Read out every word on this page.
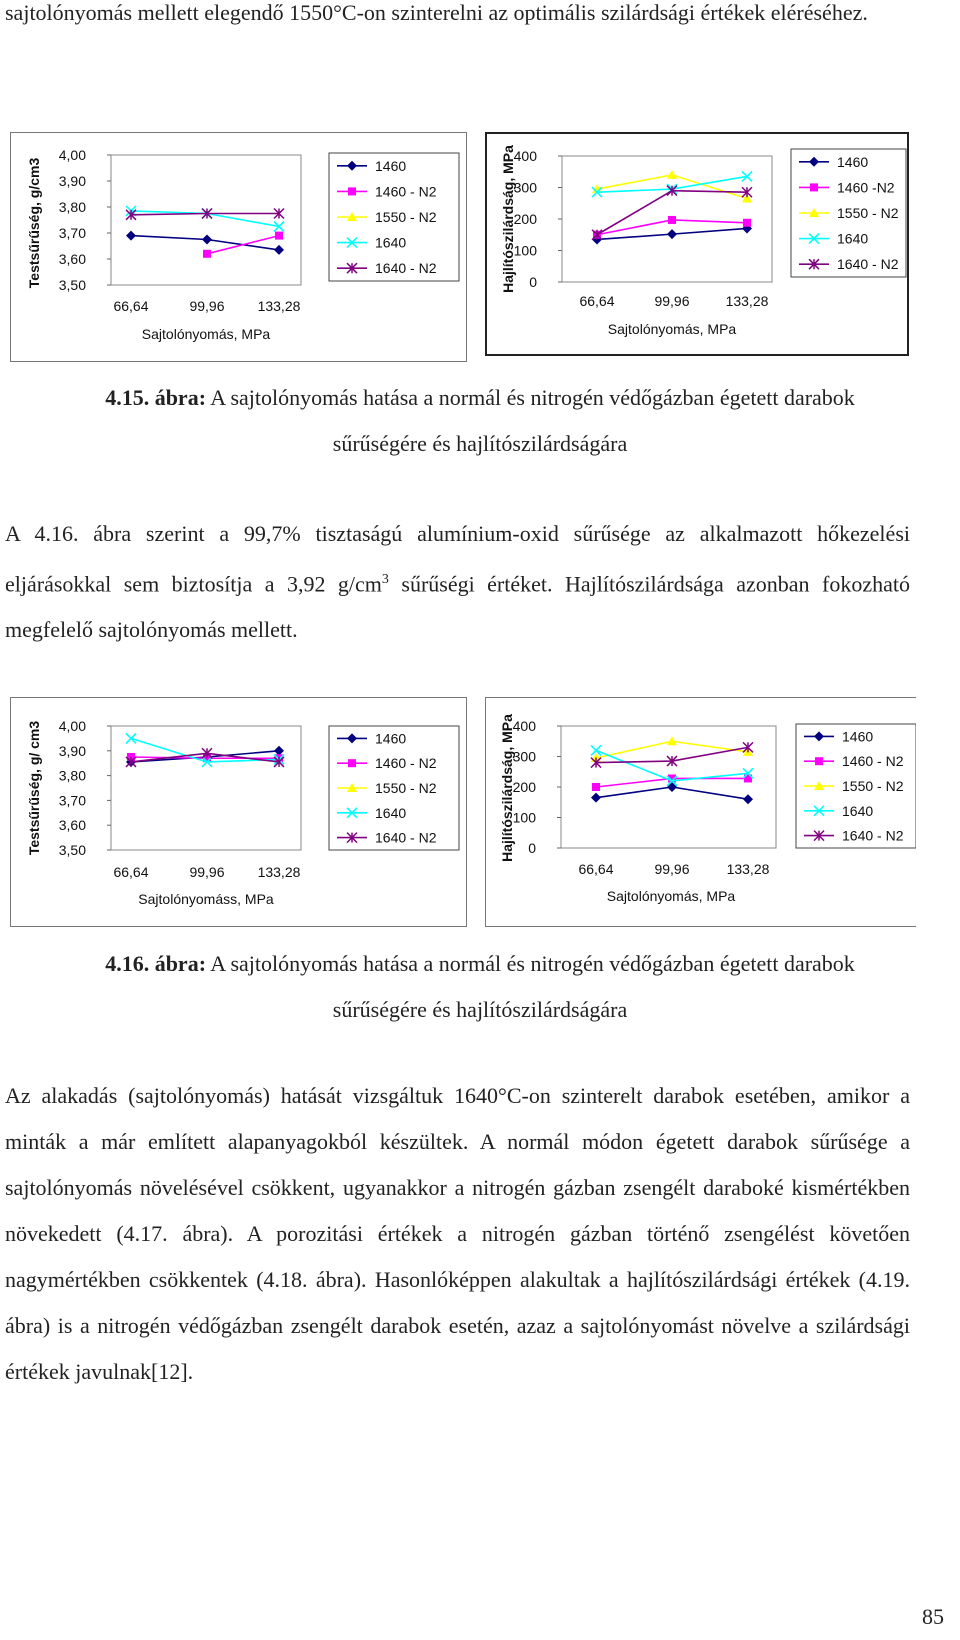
sajtolónyomás mellett elegendő 1550°C-on szinterelni az optimális szilárdsági értékek eléréséhez.

4,00
3,90
3,80
3,70
3,60
3,50
66,64	99,96 133,28
Sajtolónyomás, MPa
Testsűrűség, g/cm3	1460
1460 - N2
1550 - N2
1640
1640 - N2
400
300
200
100
0
66,64	99,96	133,28
Sajtolónyomás, MPa
Hajlítószilárdság, MPa	1460
1460 -N2
1550 - N2
1640
1640 - N2

4.15. ábra: A sajtolónyomás hatása a normál és nitrogén védőgázban égetett darabok
sűrűségére és hajlítószilárdságára

A 4.16. ábra szerint a 99,7% tisztaságú alumínium-oxid sűrűsége az alkalmazott hőkezelési eljárásokkal sem biztosítja a 3,92 $g/cm^3$ sűrűségi értéket. Hajlítószilárdsága azonban fokozható megfelelő sajtolónyomás mellett.

4,00
3,90
3,80
3,70
3,60
3,50
66,64	99,96 133,28
Sajtolónyomáss, MPa
Testsűrűség, g/ cm3	1460
1460 - N2
1550 - N2
1640
1640 - N2
400
300
200
100
0
66,64	99,96	133,28
Sajtolónyomás, MPa
Hajlítószilárdság, MPa	1460
1460 - N2
1550 - N2
1640
1640 - N2

4.16. ábra: A sajtolónyomás hatása a normál és nitrogén védőgázban égetett darabok
sűrűségére és hajlítószilárdságára

Az alakadás (sajtolónyomás) hatását vizsgáltuk 1640°C-on szinterelt darabok esetében, amikor a minták a már említett alapanyagokból készültek. A normál módon égetett darabok sűrűsége a sajtolónyomás növelésével csökkent, ugyanakkor a nitrogén gázban zsengélt daraboké kismértékben növekedett (4.17. ábra). A porozitási értékek a nitrogén gázban történő zsengélést követően nagymértékben csökkentek (4.18. ábra). Hasonlóképpen alakultak a hajlítószilárdsági értékek (4.19. ábra) is a nitrogén védőgázban zsengélt darabok esetén, azaz a sajtolónyomást növelve a szilárdsági értékek javulnak[12].

85
